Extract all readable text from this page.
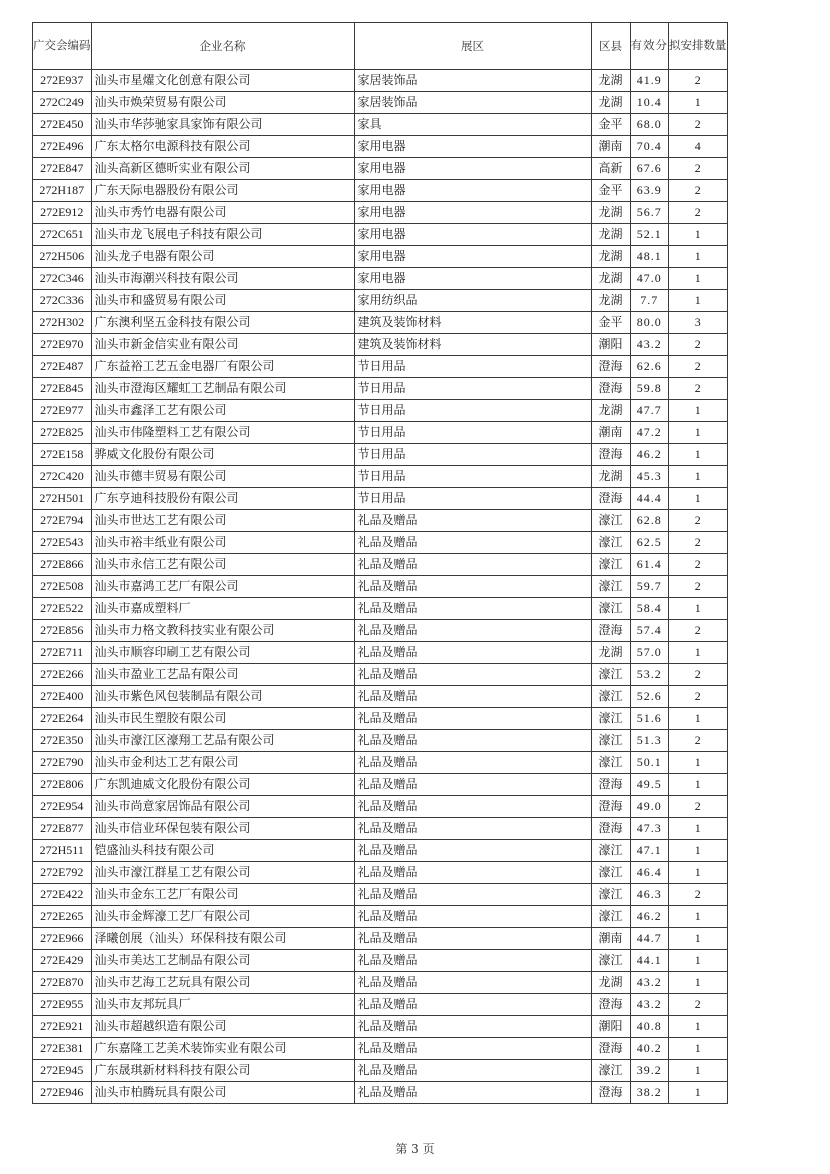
广交会编码	企业名称	展区	区县	有效分	拟安排数量
272E937	汕头市星燿文化创意有限公司	家居装饰品	龙湖	41.9	2
272C249	汕头市焕荣贸易有限公司	家居装饰品	龙湖	10.4	1
272E450	汕头市华莎驰家具家饰有限公司	家具	金平	68.0	2
272E496	广东太格尔电源科技有限公司	家用电器	潮南	70.4	4
272E847	汕头高新区德昕实业有限公司	家用电器	高新	67.6	2
272H187	广东天际电器股份有限公司	家用电器	金平	63.9	2
272E912	汕头市秀竹电器有限公司	家用电器	龙湖	56.7	2
272C651	汕头市龙飞展电子科技有限公司	家用电器	龙湖	52.1	1
272H506	汕头龙子电器有限公司	家用电器	龙湖	48.1	1
272C346	汕头市海潮兴科技有限公司	家用电器	龙湖	47.0	1
272C336	汕头市和盛贸易有限公司	家用纺织品	龙湖	7.7	1
272H302	广东澳利坚五金科技有限公司	建筑及装饰材料	金平	80.0	3
272E970	汕头市新金信实业有限公司	建筑及装饰材料	潮阳	43.2	2
272E487	广东益裕工艺五金电器厂有限公司	节日用品	澄海	62.6	2
272E845	汕头市澄海区耀虹工艺制品有限公司	节日用品	澄海	59.8	2
272E977	汕头市鑫泽工艺有限公司	节日用品	龙湖	47.7	1
272E825	汕头市伟隆塑料工艺有限公司	节日用品	潮南	47.2	1
272E158	骅威文化股份有限公司	节日用品	澄海	46.2	1
272C420	汕头市德丰贸易有限公司	节日用品	龙湖	45.3	1
272H501	广东亨迪科技股份有限公司	节日用品	澄海	44.4	1
272E794	汕头市世达工艺有限公司	礼品及赠品	濠江	62.8	2
272E543	汕头市裕丰纸业有限公司	礼品及赠品	濠江	62.5	2
272E866	汕头市永信工艺有限公司	礼品及赠品	濠江	61.4	2
272E508	汕头市嘉鸿工艺厂有限公司	礼品及赠品	濠江	59.7	2
272E522	汕头市嘉成塑料厂	礼品及赠品	濠江	58.4	1
272E856	汕头市力格文教科技实业有限公司	礼品及赠品	澄海	57.4	2
272E711	汕头市顺容印刷工艺有限公司	礼品及赠品	龙湖	57.0	1
272E266	汕头市盈业工艺品有限公司	礼品及赠品	濠江	53.2	2
272E400	汕头市紫色风包装制品有限公司	礼品及赠品	濠江	52.6	2
272E264	汕头市民生塑胶有限公司	礼品及赠品	濠江	51.6	1
272E350	汕头市濠江区濠翔工艺品有限公司	礼品及赠品	濠江	51.3	2
272E790	汕头市金利达工艺有限公司	礼品及赠品	濠江	50.1	1
272E806	广东凯迪威文化股份有限公司	礼品及赠品	澄海	49.5	1
272E954	汕头市尚意家居饰品有限公司	礼品及赠品	澄海	49.0	2
272E877	汕头市信业环保包装有限公司	礼品及赠品	澄海	47.3	1
272H511	铠盛汕头科技有限公司	礼品及赠品	濠江	47.1	1
272E792	汕头市濠江群星工艺有限公司	礼品及赠品	濠江	46.4	1
272E422	汕头市金东工艺厂有限公司	礼品及赠品	濠江	46.3	2
272E265	汕头市金辉濠工艺厂有限公司	礼品及赠品	濠江	46.2	1
272E966	泽曦创展（汕头）环保科技有限公司	礼品及赠品	潮南	44.7	1
272E429	汕头市美达工艺制品有限公司	礼品及赠品	濠江	44.1	1
272E870	汕头市艺海工艺玩具有限公司	礼品及赠品	龙湖	43.2	1
272E955	汕头市友邦玩具厂	礼品及赠品	澄海	43.2	2
272E921	汕头市超越织造有限公司	礼品及赠品	潮阳	40.8	1
272E381	广东嘉隆工艺美术装饰实业有限公司	礼品及赠品	澄海	40.2	1
272E945	广东晟琪新材料科技有限公司	礼品及赠品	濠江	39.2	1
272E946	汕头市柏腾玩具有限公司	礼品及赠品	澄海	38.2	1
第 3 页
